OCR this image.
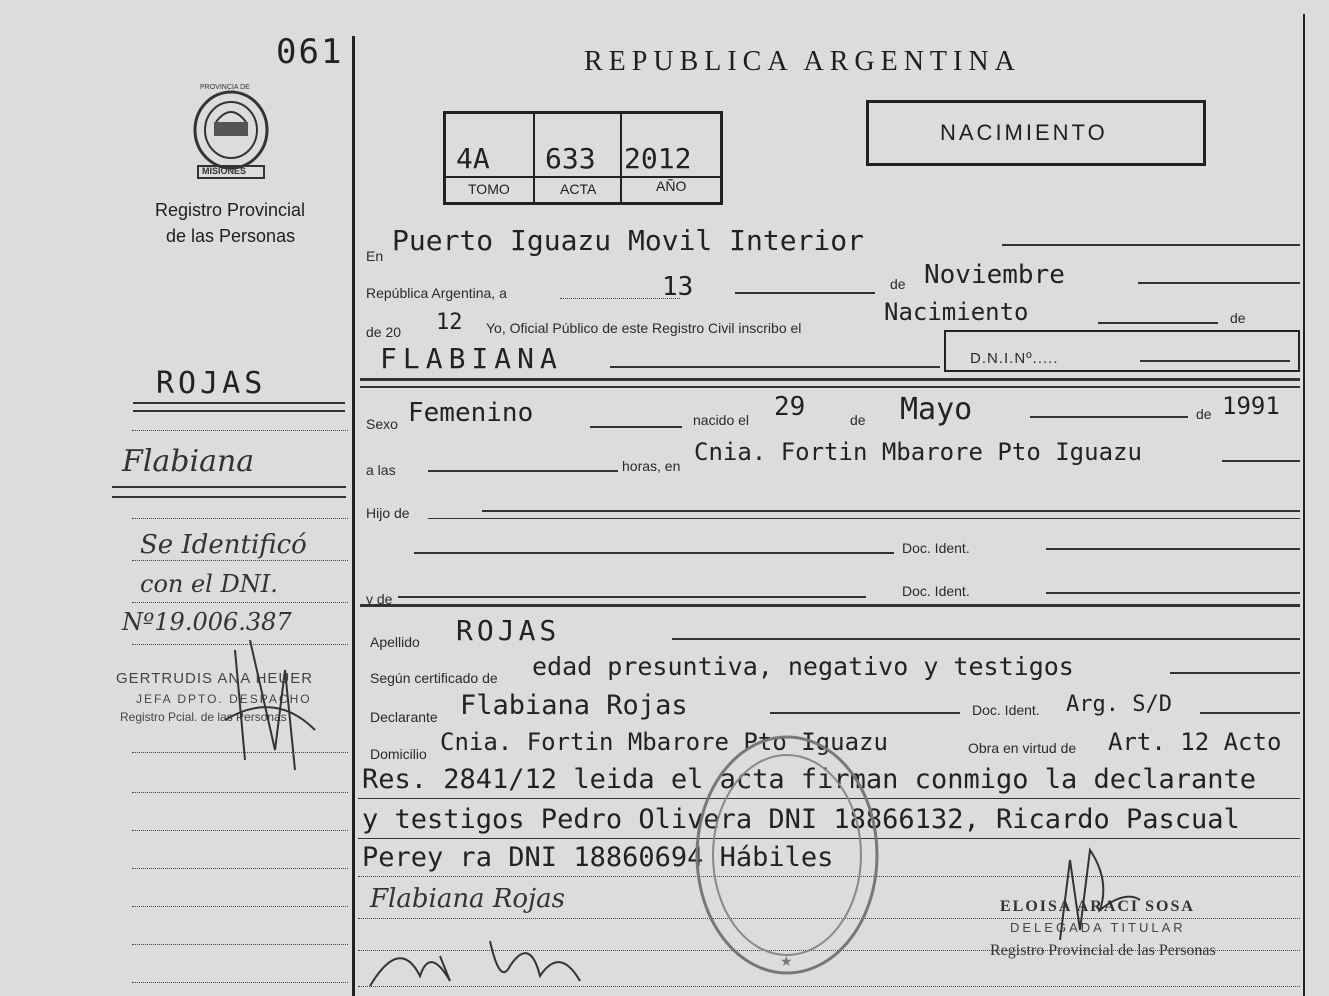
061
PROVINCIA DE
MISIONES
Registro Provincial
de las Personas
ROJAS
Flabiana
Se Identificó
con el DNI.
Nº19.006.387
GERTRUDIS ANA HEUER
JEFA DPTO. DESPACHO
Registro Pcial. de las Personas
REPUBLICA ARGENTINA
NACIMIENTO
4A 633 2012
TOMO	ACTA	AÑO
En Puerto Iguazu Movil Interior
República Argentina, a	13	de Noviembre
de 20 12 Yo, Oficial Público de este Registro Civil inscribo el
Nacimiento	de
FLABIANA	D.N.I.Nº.....
Sexo Femenino	nacido el 29	de Mayo	de 1991
a las	horas, en Cnia. Fortin Mbarore Pto Iguazu
Hijo de
Doc. Ident.
y de	Doc. Ident.
Apellido ROJAS
Según certificado de edad presuntiva, negativo y testigos
Declarante Flabiana Rojas	Doc. Ident. Arg. S/D
Domicilio Cnia. Fortin Mbarore Pto Iguazu	Obra en virtud de Art. 12 Acto
Res. 2841/12 leida el acta firman conmigo la declarante
y testigos Pedro Olivera DNI 18866132, Ricardo Pascual
Perey ra DNI 18860694 Hábiles
Flabiana Rojas
★
ELOISA ARACI SOSA
DELEGADA TITULAR
Registro Provincial de las Personas
